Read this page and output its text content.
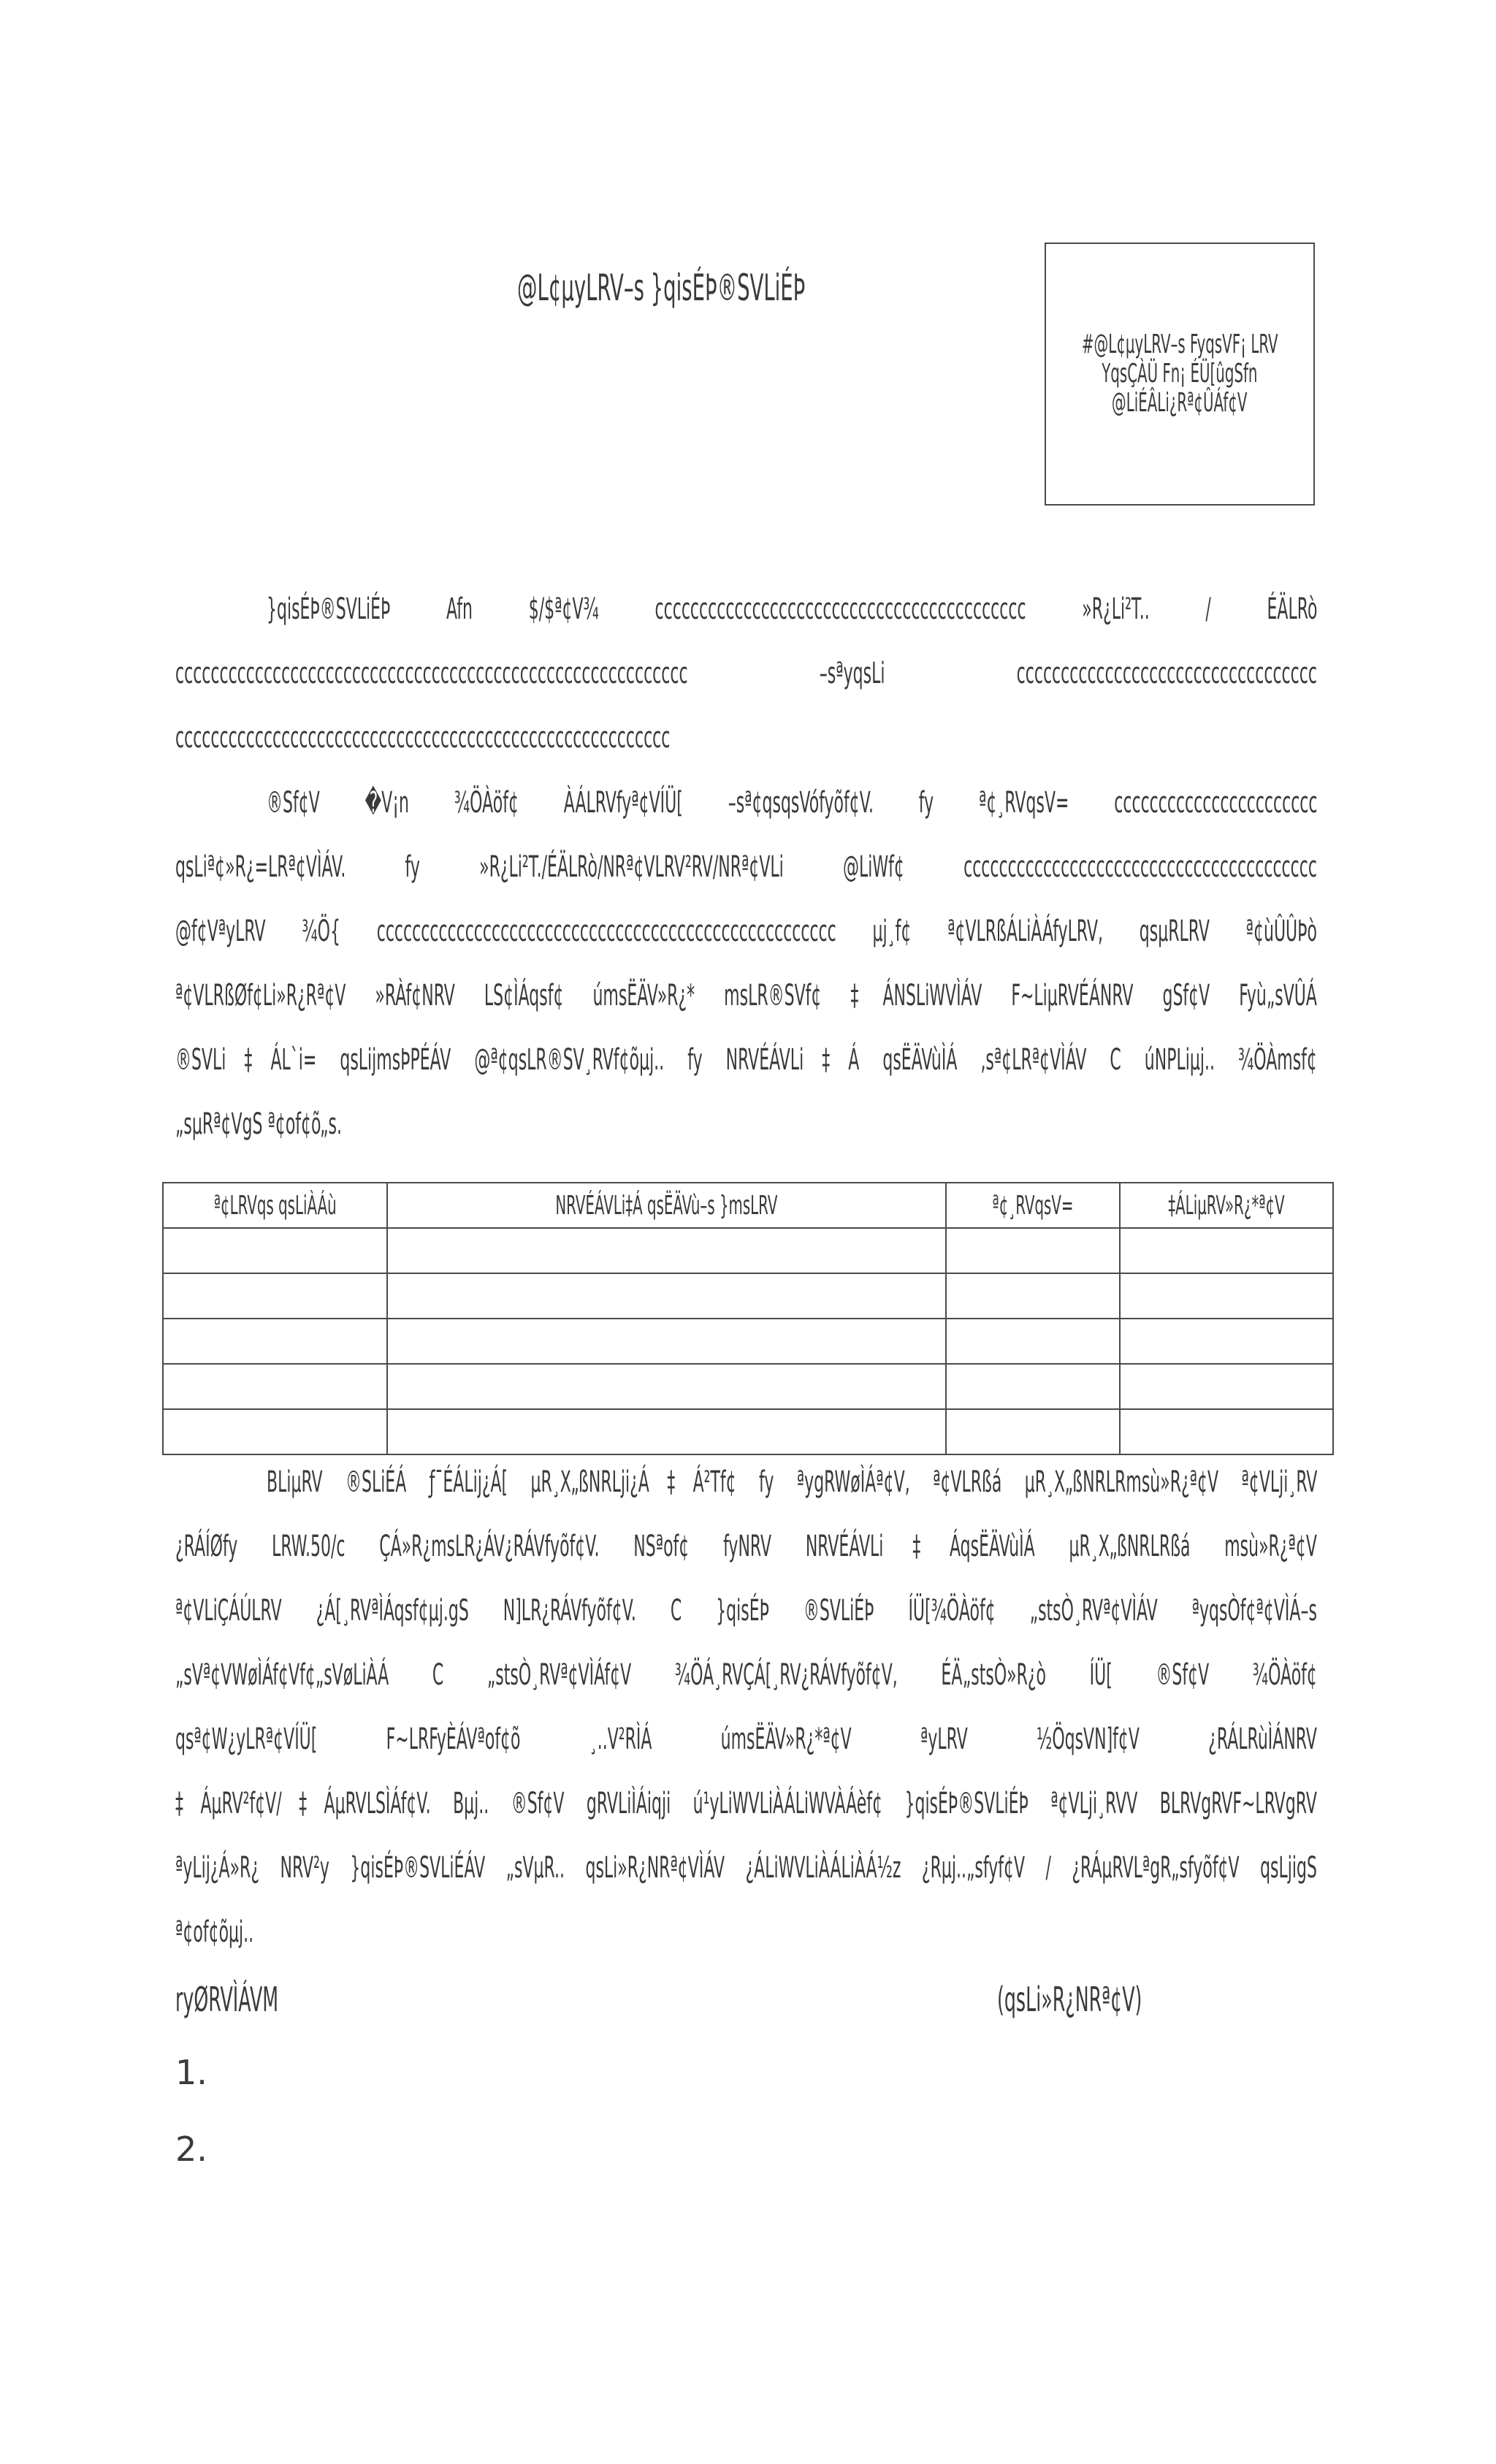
@L¢µyLRV–s }qisÉÞ®SVLiÉÞ
#@L¢µyLRV–s FyqsVF¡ LRV
YqsÇÀÜ Fn¡ ÉÜ[ûgSfn
@LiÉÂLi¿Rª¢ÛÁf¢V
}qisÉÞ®SVLiÉÞ Afn $/$ª¢V¾ cccccccccccccccccccccccccccccccccccccccccc »R¿Li²T.. / ÉÄLRò
cccccccccccccccccccccccccccccccccccccccccccccccccccccccccc –sªyqsLi cccccccccccccccccccccccccccccccccc
cccccccccccccccccccccccccccccccccccccccccccccccccccccccc
®Sf¢V �V¡n ¾ÖÀöf¢ ÀÁLRVfyª¢VÍÜ[ –sª¢qsqsVófyõf¢V. fy ª¢¸RVqsV= ccccccccccccccccccccccc
qsLiª¢»R¿=LRª¢VÌÁV. fy »R¿Li²T./ÉÄLRò/NRª¢VLRV²RV/NRª¢VLi @LiWf¢ cccccccccccccccccccccccccccccccccccccccc
@f¢VªyLRV ¾Ö{ cccccccccccccccccccccccccccccccccccccccccccccccccccc µj¸f¢ ª¢VLRßÁLiÀÁfyLRV, qsµRLRV ª¢ùÛÛÞò
ª¢VLRßØf¢Li»R¿Rª¢V »RÀf¢NRV LS¢ÌÁqsf¢ úmsËÄV»R¿* msLR®SVf¢ ‡ÁNSLiWVÌÁV F~LiµRVÉÁNRV gSf¢V Fyù„sVÛÁ
®SVLi‡ÁL`i= qsLijmsÞPÉÁV @ª¢qsLR®SV¸RVf¢õµj.. fy NRVÉÁVLi‡Á qsËÄVùÌÁ ‚sª¢LRª¢VÌÁV C úNPLiµj.. ¾ÖÀmsf¢
„sµRª¢VgS ª¢of¢õ„s.
ª¢LRVqs qsLiÀÁù	NRVÉÁVLi‡Á qsËÄVù–s }msLRV	ª¢¸RVqsV=	‡ÁLiµRV»R¿*ª¢V

BLiµRV ®SLiÉÁ ƒ¯ÉÁLij¿Á[ µR¸X„ßNRLji¿Á‡Á²Tf¢ fy ªygRWøÌÁª¢V, ª¢VLRßá µR¸X„ßNRLRmsù»R¿ª¢V ª¢VLji¸RV
¿RÁÍØfy LRW.50/c ÇÁ»R¿msLR¿ÁV¿RÁVfyõf¢V. NSªof¢ fyNRV NRVÉÁVLi‡ÁqsËÄVùÌÁ µR¸X„ßNRLRßá msù»R¿ª¢V
ª¢VLiÇÁÚLRV ¿Á[¸RVªÌÁqsf¢µj.gS N]LR¿RÁVfyõf¢V. C }qisÉÞ ®SVLiÉÞ ÍÜ[¾ÖÀöf¢ „stsÒ¸RVª¢VÌÁV ªyqsÒf¢ª¢VÌÁ–s
„sVª¢VWøÌÁf¢Vf¢„sVøLiÀÁ C „stsÒ¸RVª¢VÌÁf¢V ¾ÖÁ¸RVÇÁ[¸RV¿RÁVfyõf¢V, ÉÄ„stsÒ»R¿ò ÍÜ[ ®Sf¢V ¾ÖÀöf¢
qsª¢W¿yLRª¢VÍÜ[ F~LRFyÈÁVªof¢õ ¸..V²RÌÁ úmsËÄV»R¿*ª¢V ªyLRV ½ÖqsVN]f¢V ¿RÁLRùÌÁNRV
‡ÁµRV²f¢V/‡ÁµRVLSÌÁf¢V. Bµj.. ®Sf¢V gRVLiÌÁiqji ú¹yLiWVLiÀÁLiWVÀÁèf¢ }qisÉÞ®SVLiÉÞ ª¢VLji¸RVV BLRVgRVF~LRVgRV
ªyLij¿Á»R¿ NRV²y }qisÉÞ®SVLiÉÁV „sVµR.. qsLi»R¿NRª¢VÌÁV ¿ÁLiWVLiÀÁLiÀÁ½z ¿Rµj..„sfyf¢V / ¿RÁµRVLªgR„sfyõf¢V qsLjigS
ª¢of¢õµj..
ryØRVÌÁVM	(qsLi»R¿NRª¢V)
1.
2.
